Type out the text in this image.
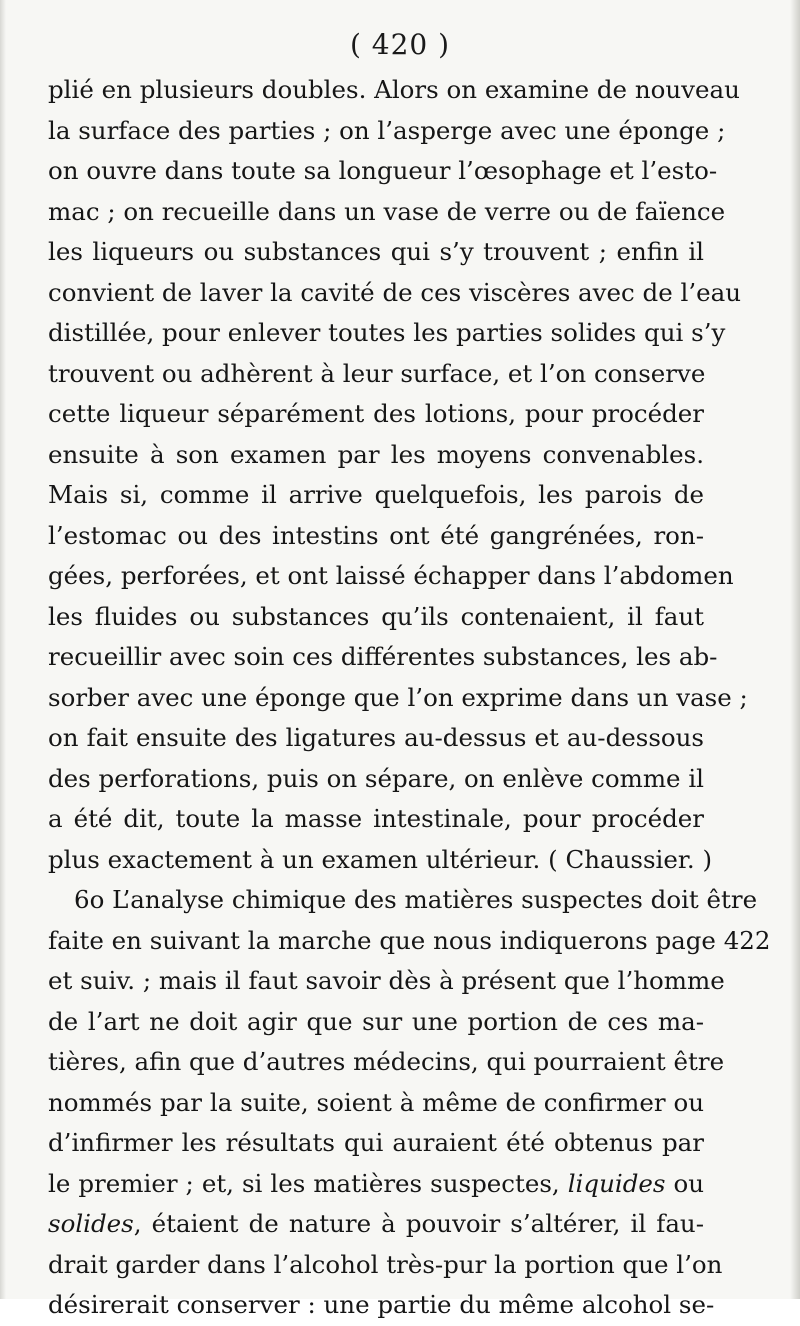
( 420 )
plié en plusieurs doubles. Alors on examine de nouveau
la surface des parties ; on l’asperge avec une éponge ;
on ouvre dans toute sa longueur l’œsophage et l’esto-
mac ; on recueille dans un vase de verre ou de faïence
les liqueurs ou substances qui s’y trouvent ; enfin il
convient de laver la cavité de ces viscères avec de l’eau
distillée, pour enlever toutes les parties solides qui s’y
trouvent ou adhèrent à leur surface, et l’on conserve
cette liqueur séparément des lotions, pour procéder
ensuite à son examen par les moyens convenables.
Mais si, comme il arrive quelquefois, les parois de
l’estomac ou des intestins ont été gangrénées, ron-
gées, perforées, et ont laissé échapper dans l’abdomen
les fluides ou substances qu’ils contenaient, il faut
recueillir avec soin ces différentes substances, les ab-
sorber avec une éponge que l’on exprime dans un vase ;
on fait ensuite des ligatures au-dessus et au-dessous
des perforations, puis on sépare, on enlève comme il
a été dit, toute la masse intestinale, pour procéder
plus exactement à un examen ultérieur. ( Chaussier. )
6o L’analyse chimique des matières suspectes doit être
faite en suivant la marche que nous indiquerons page 422
et suiv. ; mais il faut savoir dès à présent que l’homme
de l’art ne doit agir que sur une portion de ces ma-
tières, afin que d’autres médecins, qui pourraient être
nommés par la suite, soient à même de confirmer ou
d’infirmer les résultats qui auraient été obtenus par
le premier ; et, si les matières suspectes, liquides ou
solides, étaient de nature à pouvoir s’altérer, il fau-
drait garder dans l’alcohol très-pur la portion que l’on
désirerait conserver : une partie du même alcohol se-
